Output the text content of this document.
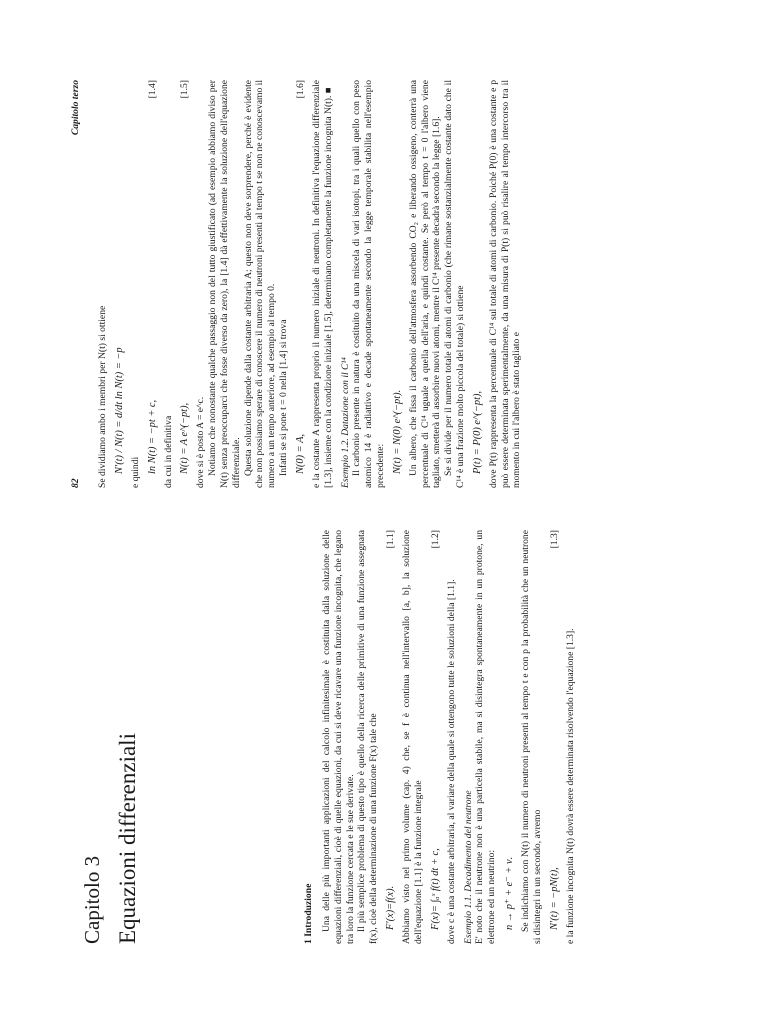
Capitolo 3 Equazioni differenziali	1 Introduzione Una delle più importanti applicazioni del calcolo infinitesimale è costituita dalla soluzione delle equazioni differenziali, cioè di quelle equazioni, da cui si deve ricavare una funzione incognita, che legano tra loro la funzione cercata e le sue derivate. Il più semplice problema di questo tipo è quello della ricerca delle primitive di una funzione assegnata f(x), cioè della determinazione di una funzione F(x) tale che F′(x)=f(x).
[1.1] Abbiamo visto nel primo volume (cap. 4) che, se f è continua nell'intervallo [a, b], la soluzione dell'equazione [1.1] è la funzione integrale F(x)= ∫ₐˣ f(t) dt + c,
[1.2]

dove c è una costante arbitraria, al variare della quale si ottengono tutte le soluzioni della [1.1]. Esempio 1.1. Decadimento del neutrone E' noto che il neutrone non è una particella stabile, ma si disintegra spontaneamente in un protone, un elettrone ed un neutrino: n → p⁺ + e⁻ + ν. Se indichiamo con N(t) il numero di neutroni presenti al tempo t e con p la probabilità che un neutrone si disintegri in un secondo, avremo N′(t) = −pN(t),
[1.3]

e la funzione incognita N(t) dovrà essere determinata risolvendo l'equazione [1.3].

82
Capitolo terzo

Se dividiamo ambo i membri per N(t) si ottiene N′(t) / N(t) = d/dt ln N(t) = −p e quindi ln N(t) = −pt + c,
[1.4]

da cui in definitiva N(t) = A e^(−pt),
[1.5]

dove si è posto A = e^c. Notiamo che nonostante qualche passaggio non del tutto giustificato (ad esempio abbiamo diviso per N(t) senza preoccuparci che fosse diverso da zero), la [1.4] dà effettivamente la soluzione dell'equazione differenziale. Questa soluzione dipende dalla costante arbitraria A; questo non deve sorprendere, perché è evidente che non possiamo sperare di conoscere il numero di neutroni presenti al tempo t se non ne conoscevamo il numero a un tempo anteriore, ad esempio al tempo 0. Infatti se si pone t = 0 nella [1.4] si trova N(0) = A,
[1.6] e la costante A rappresenta proprio il numero iniziale di neutroni. In definitiva l'equazione differenziale [1.3], insieme con la condizione iniziale [1.5], determinano completamente la funzione incognita N(t). ■ Esempio 1.2. Datazione con il C¹⁴ Il carbonio presente in natura è costituito da una miscela di vari isotopi, tra i quali quello con peso atomico 14 è radiattivo e decade spontaneamente secondo la legge temporale stabilita nell'esempio precedente: N(t) = N(0) e^(−pt). Un albero, che fissa il carbonio dell'atmosfera assorbendo CO₂ e liberando ossigeno, conterrà una percentuale di C¹⁴ uguale a quella dell'aria, e quindi costante. Se però al tempo t = 0 l'albero viene tagliato, smetterà di assorbire nuovi atomi, mentre il C¹⁴ presente decadrà secondo la legge [1.6]. Se si divide per il numero totale di atomi di carbonio (che rimane sostanzialmente costante dato che il C¹⁴ è una frazione molto piccola del totale) si ottiene P(t) = P(0) e^(−pt), dove P(t) rappresenta la percentuale di C¹⁴ sul totale di atomi di carbonio. Poiché P(0) è una costante e p può essere determinata sperimentalmente, da una misura di P(t) si può risalire al tempo intercorso tra il momento in cui l'albero è stato tagliato e
